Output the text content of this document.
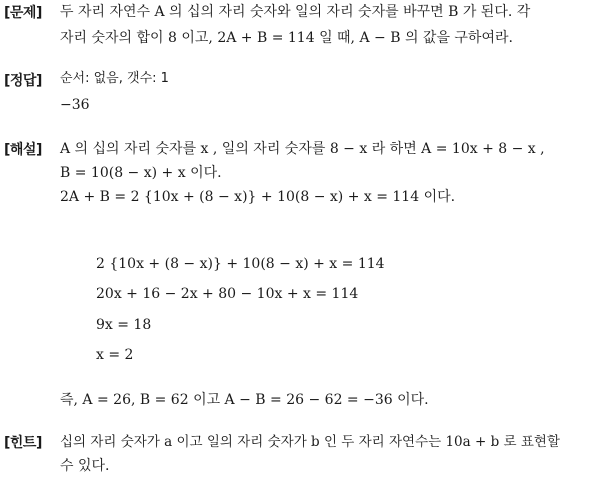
[문제] 두 자리 자연수 A 의 십의 자리 숫자와 일의 자리 숫자를 바꾸면 B 가 된다. 각
자리 숫자의 합이 8 이고, 2A + B = 114 일 때, A − B 의 값을 구하여라.
[정답] 순서: 없음, 갯수: 1
−36
[해설] A 의 십의 자리 숫자를 x , 일의 자리 숫자를 8 − x 라 하면 A = 10x + 8 − x ,
B = 10(8 − x) + x 이다.
2A + B = 2 {10x + (8 − x)} + 10(8 − x) + x = 114 이다.
2 {10x + (8 − x)} + 10(8 − x) + x = 114
20x + 16 − 2x + 80 − 10x + x = 114
9x = 18
x = 2
즉, A = 26, B = 62 이고 A − B = 26 − 62 = −36 이다.
[힌트] 십의 자리 숫자가 a 이고 일의 자리 숫자가 b 인 두 자리 자연수는 10a + b 로 표현할
수 있다.
